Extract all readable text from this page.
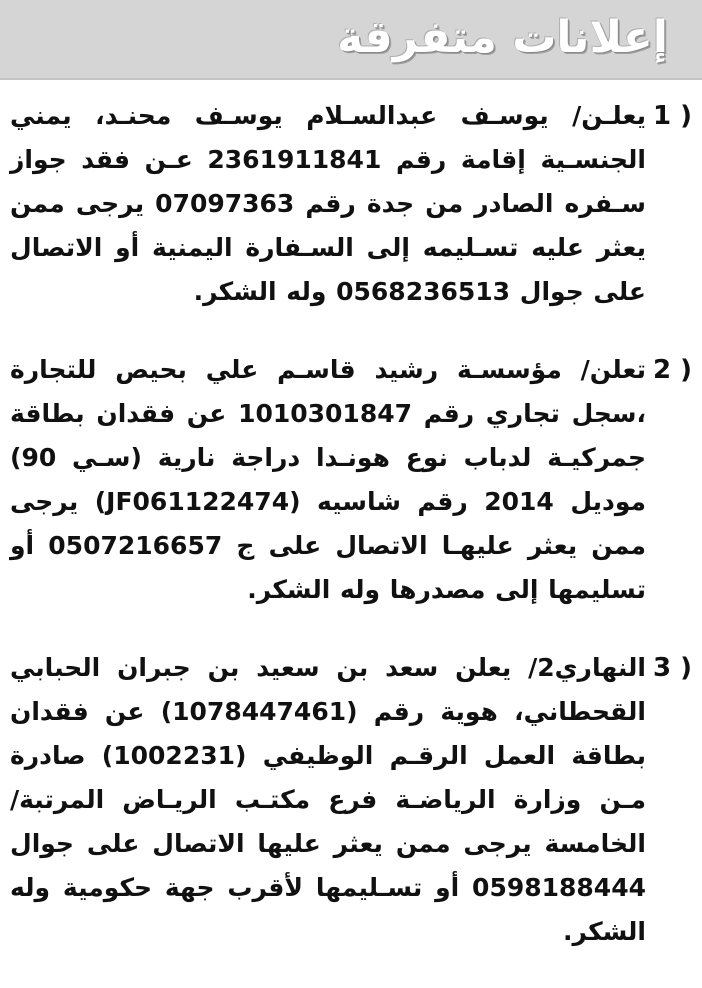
إعلانات متفرقة
1 )
يعلـن/ يوسـف عبدالسـلام يوسـف محنـد، يمني الجنسـية إقامة رقم 2361911841 عـن فقد جواز سـفره الصادر من جدة رقم 07097363 يرجى ممن يعثر عليه تسـليمه إلى السـفارة اليمنية أو الاتصال على جوال 0568236513 وله الشكر.
2 )
تعلن/ مؤسسـة رشيد قاسـم علي بحيص للتجارة ،سجل تجاري رقم 1010301847 عن فقدان بطاقة جمركيـة لدباب نوع هونـدا دراجة نارية (سـي 90) موديل 2014 رقم شاسيه (JF061122474) يرجى ممن يعثر عليهـا الاتصال على ج 0507216657 أو تسليمها إلى مصدرها وله الشكر.
3 )
النهاري2/ يعلن سعد بن سعيد بن جبران الحبابي القحطاني، هوية رقم (1078447461) عن فقدان بطاقة العمل الرقـم الوظيفي (1002231) صادرة مـن وزارة الرياضـة فرع مكتـب الريـاض المرتبة/ الخامسة يرجى ممن يعثر عليها الاتصال على جوال 0598188444 أو تسـليمها لأقرب جهة حكومية وله الشكر.
